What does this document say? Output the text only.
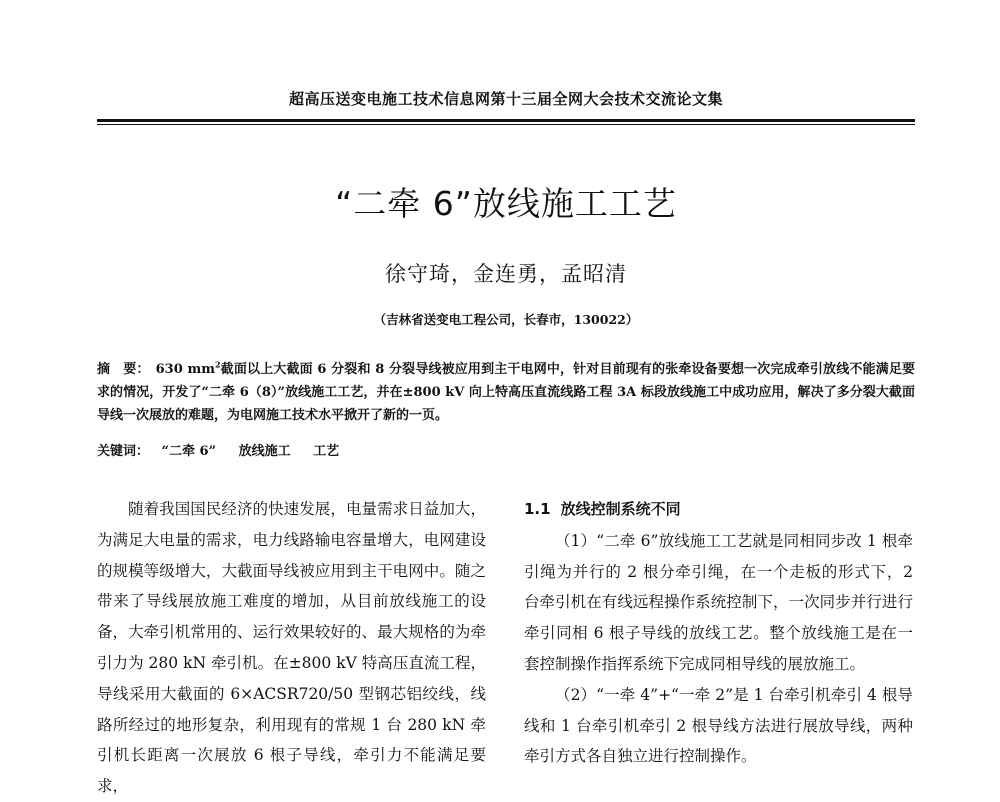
超高压送变电施工技术信息网第十三届全网大会技术交流论文集
“二牵 6”放线施工工艺
徐守琦，金连勇，孟昭清
（吉林省送变电工程公司，长春市，130022）
摘　要： 630 $mm^2$截面以上大截面 6 分裂和 8 分裂导线被应用到主干电网中，针对目前现有的张牵设备要想一次完成牵引放线不能满足要求的情况，开发了“二牵 6（8）”放线施工工艺，并在±800 kV 向上特高压直流线路工程 3A 标段放线施工中成功应用，解决了多分裂大截面导线一次展放的难题，为电网施工技术水平掀开了新的一页。
关键词： “二牵 6” 放线施工 工艺

随着我国国民经济的快速发展，电量需求日益加大，为满足大电量的需求，电力线路输电容量增大，电网建设的规模等级增大，大截面导线被应用到主干电网中。随之带来了导线展放施工难度的增加，从目前放线施工的设备，大牵引机常用的、运行效果较好的、最大规格的为牵引力为 280 kN 牵引机。在±800 kV 特高压直流工程，导线采用大截面的 6×ACSR720/50 型钢芯铝绞线，线路所经过的地形复杂，利用现有的常规 1 台 280 kN 牵引机长距离一次展放 6 根子导线，牵引力不能满足要求，

1.1 放线控制系统不同

（1）“二牵 6”放线施工工艺就是同相同步改 1 根牵引绳为并行的 2 根分牵引绳，在一个走板的形式下，2 台牵引机在有线远程操作系统控制下，一次同步并行进行牵引同相 6 根子导线的放线工艺。整个放线施工是在一套控制操作指挥系统下完成同相导线的展放施工。

（2）“一牵 4”+“一牵 2”是 1 台牵引机牵引 4 根导线和 1 台牵引机牵引 2 根导线方法进行展放导线，两种牵引方式各自独立进行控制操作。
